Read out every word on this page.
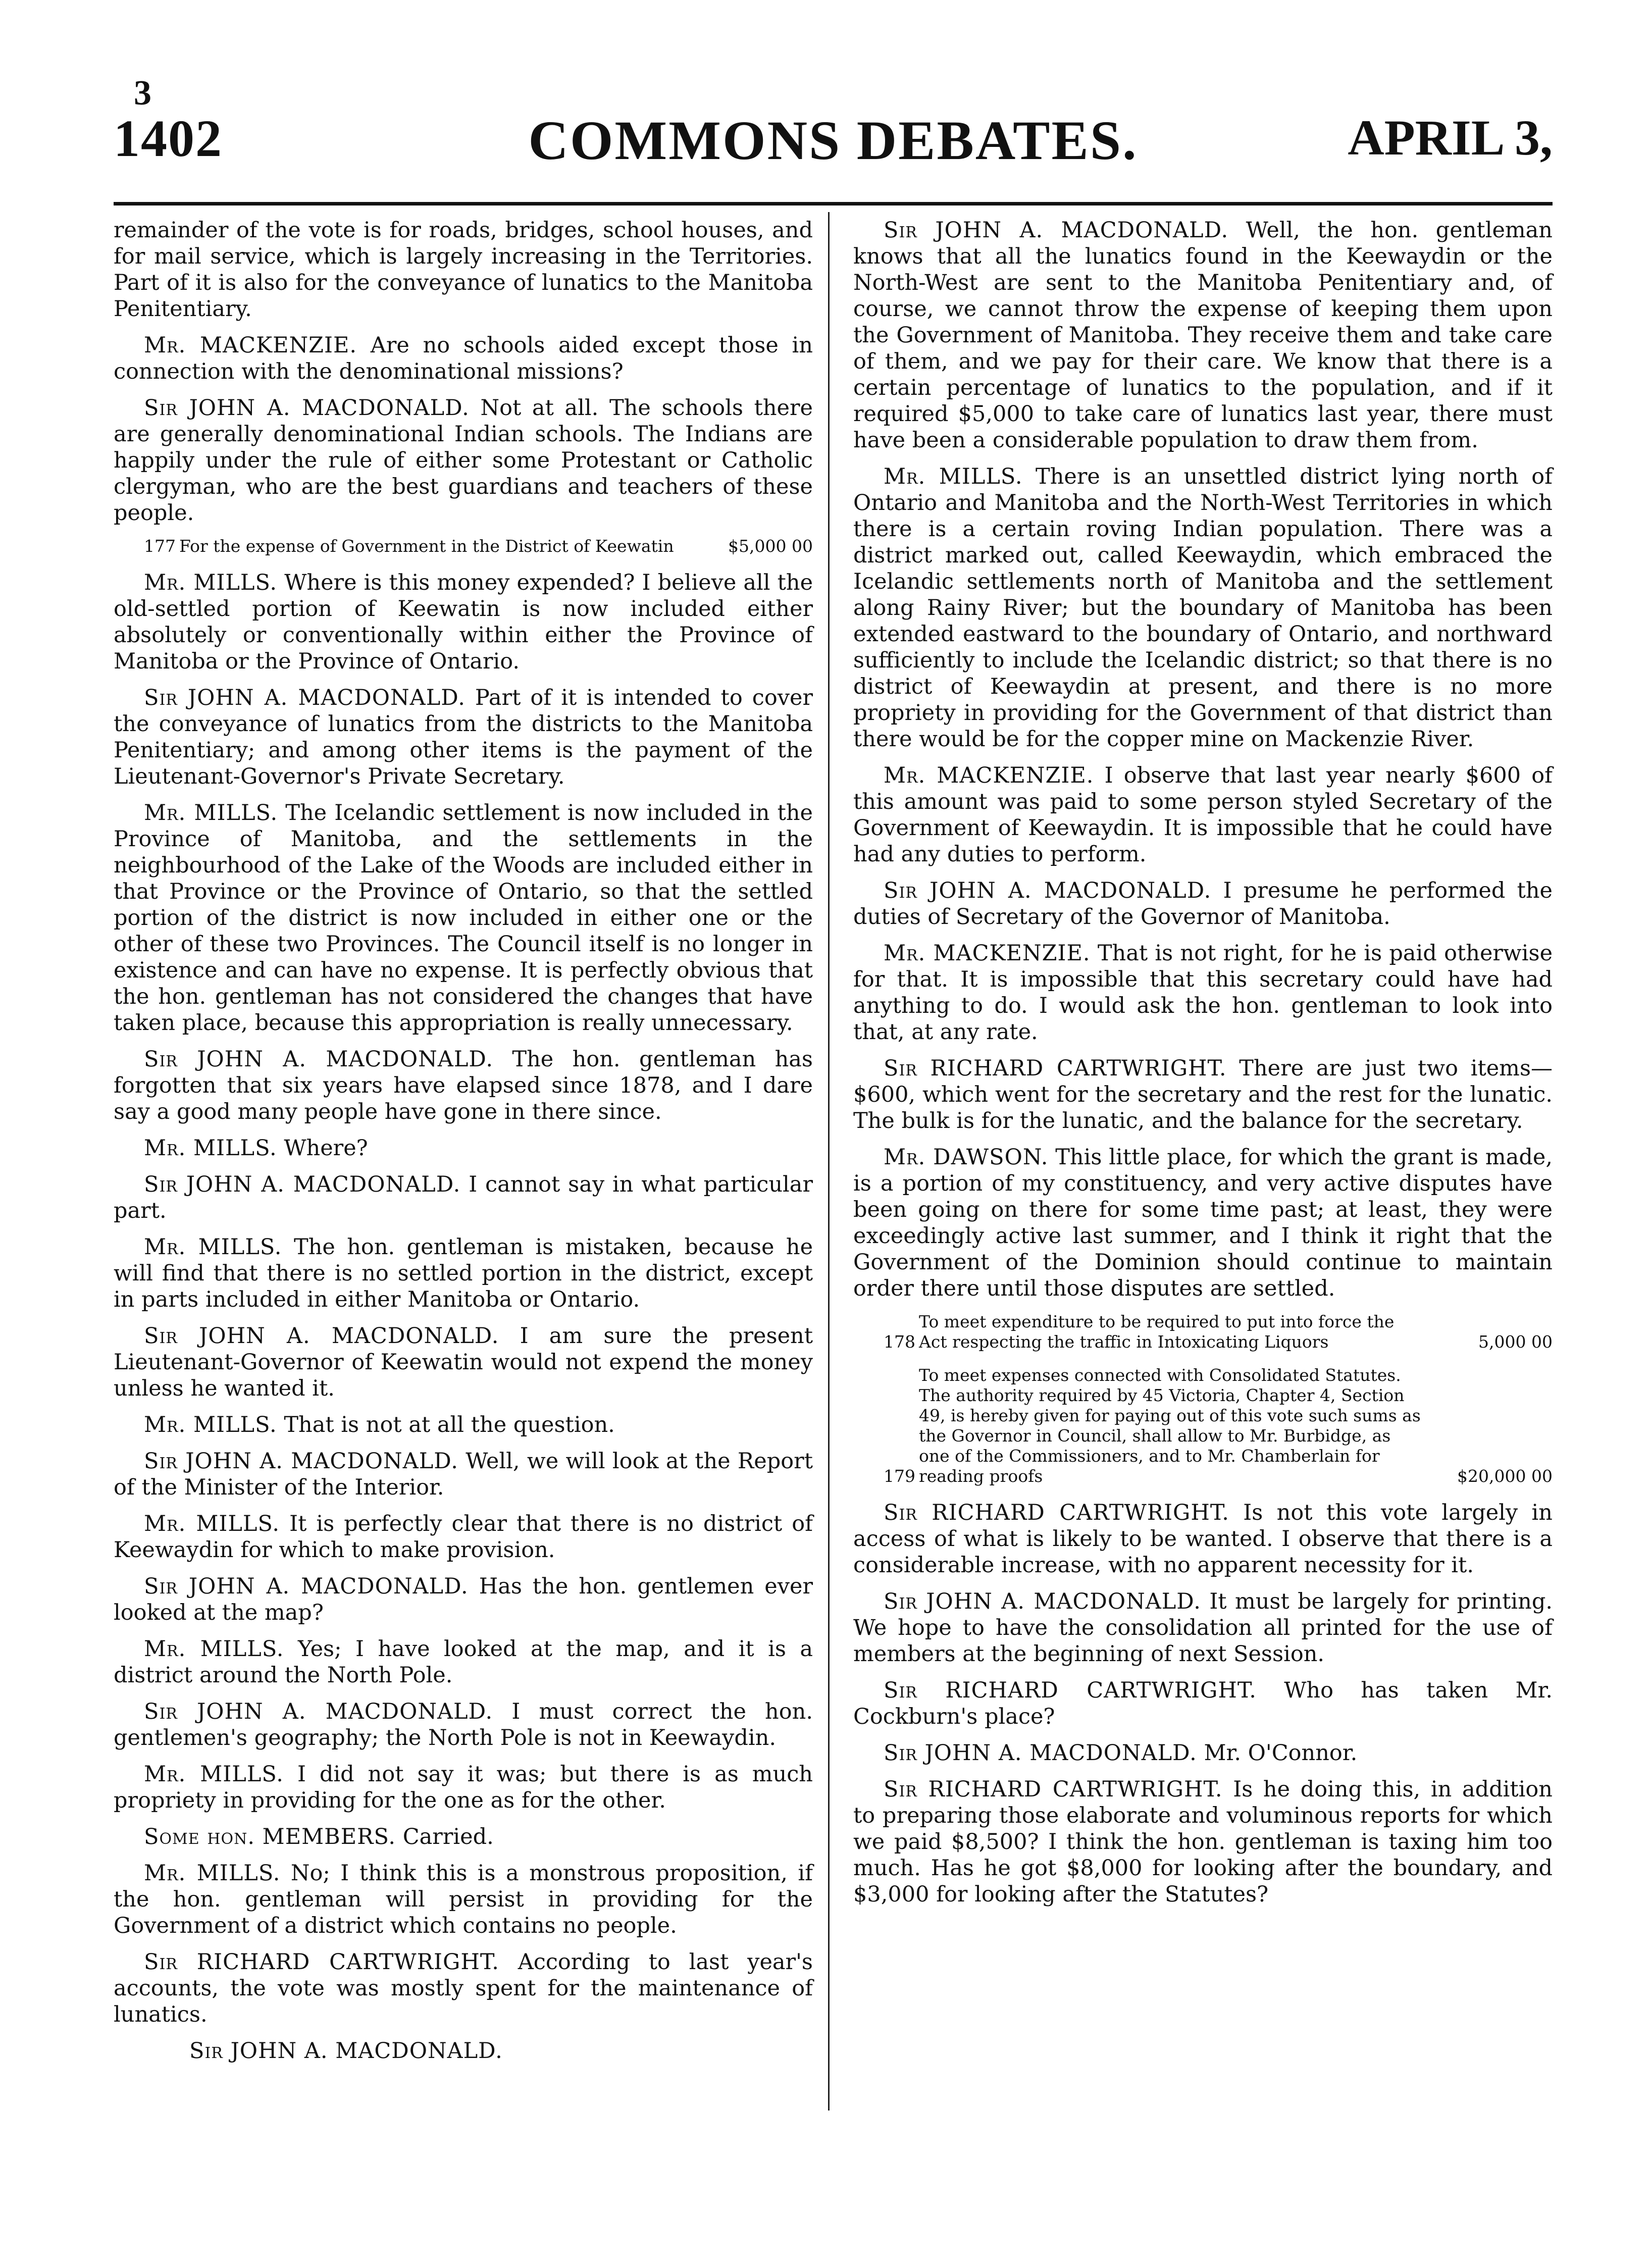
3
1402	COMMONS DEBATES.	APRIL 3,

remainder of the vote is for roads, bridges, school houses, and for mail service, which is largely increasing in the Territories. Part of it is also for the conveyance of lunatics to the Manitoba Penitentiary.

Mr. MACKENZIE. Are no schools aided except those in connection with the denominational missions?

Sir JOHN A. MACDONALD. Not at all. The schools there are generally denominational Indian schools. The Indians are happily under the rule of either some Protestant or Catholic clergyman, who are the best guardians and teachers of these people.

177 For the expense of Government in the District of Keewatin	$5,000 00

Mr. MILLS. Where is this money expended? I believe all the old-settled portion of Keewatin is now included either absolutely or conventionally within either the Province of Manitoba or the Province of Ontario.

Sir JOHN A. MACDONALD. Part of it is intended to cover the conveyance of lunatics from the districts to the Manitoba Penitentiary; and among other items is the payment of the Lieutenant-Governor's Private Secretary.

Mr. MILLS. The Icelandic settlement is now included in the Province of Manitoba, and the settlements in the neighbourhood of the Lake of the Woods are included either in that Province or the Province of Ontario, so that the settled portion of the district is now included in either one or the other of these two Provinces. The Council itself is no longer in existence and can have no expense. It is perfectly obvious that the hon. gentleman has not considered the changes that have taken place, because this appropriation is really unnecessary.

Sir JOHN A. MACDONALD. The hon. gentleman has forgotten that six years have elapsed since 1878, and I dare say a good many people have gone in there since.

Mr. MILLS. Where?

Sir JOHN A. MACDONALD. I cannot say in what particular part.

Mr. MILLS. The hon. gentleman is mistaken, because he will find that there is no settled portion in the district, except in parts included in either Manitoba or Ontario.

Sir JOHN A. MACDONALD. I am sure the present Lieutenant-Governor of Keewatin would not expend the money unless he wanted it.

Mr. MILLS. That is not at all the question.

Sir JOHN A. MACDONALD. Well, we will look at the Report of the Minister of the Interior.

Mr. MILLS. It is perfectly clear that there is no district of Keewaydin for which to make provision.

Sir JOHN A. MACDONALD. Has the hon. gentlemen ever looked at the map?

Mr. MILLS. Yes; I have looked at the map, and it is a district around the North Pole.

Sir JOHN A. MACDONALD. I must correct the hon. gentlemen's geography; the North Pole is not in Keewaydin.

Mr. MILLS. I did not say it was; but there is as much propriety in providing for the one as for the other.

Some hon. MEMBERS. Carried.

Mr. MILLS. No; I think this is a monstrous proposition, if the hon. gentleman will persist in providing for the Government of a district which contains no people.

Sir RICHARD CARTWRIGHT. According to last year's accounts, the vote was mostly spent for the maintenance of lunatics.

Sir JOHN A. MACDONALD.

Sir JOHN A. MACDONALD. Well, the hon. gentleman knows that all the lunatics found in the Keewaydin or the North-West are sent to the Manitoba Penitentiary and, of course, we cannot throw the expense of keeping them upon the Government of Manitoba. They receive them and take care of them, and we pay for their care. We know that there is a certain percentage of lunatics to the population, and if it required $5,000 to take care of lunatics last year, there must have been a considerable population to draw them from.

Mr. MILLS. There is an unsettled district lying north of Ontario and Manitoba and the North-West Territories in which there is a certain roving Indian population. There was a district marked out, called Keewaydin, which embraced the Icelandic settlements north of Manitoba and the settlement along Rainy River; but the boundary of Manitoba has been extended eastward to the boundary of Ontario, and northward sufficiently to include the Icelandic district; so that there is no district of Keewaydin at present, and there is no more propriety in providing for the Government of that district than there would be for the copper mine on Mackenzie River.

Mr. MACKENZIE. I observe that last year nearly $600 of this amount was paid to some person styled Secretary of the Government of Keewaydin. It is impossible that he could have had any duties to perform.

Sir JOHN A. MACDONALD. I presume he performed the duties of Secretary of the Governor of Manitoba.

Mr. MACKENZIE. That is not right, for he is paid otherwise for that. It is impossible that this secretary could have had anything to do. I would ask the hon. gentleman to look into that, at any rate.

Sir RICHARD CARTWRIGHT. There are just two items—$600, which went for the secretary and the rest for the lunatic. The bulk is for the lunatic, and the balance for the secretary.

Mr. DAWSON. This little place, for which the grant is made, is a portion of my constituency, and very active disputes have been going on there for some time past; at least, they were exceedingly active last summer, and I think it right that the Government of the Dominion should continue to maintain order there until those disputes are settled.

178
To meet expenditure to be required to put into force the Act respecting the traffic in Intoxicating Liquors	5,000 00
179
To meet expenses connected with Consolidated Statutes. The authority required by 45 Victoria, Chapter 4, Section 49, is hereby given for paying out of this vote such sums as the Governor in Council, shall allow to Mr. Burbidge, as one of the Commissioners, and to Mr. Chamberlain for reading proofs	$20,000 00

Sir RICHARD CARTWRIGHT. Is not this vote largely in access of what is likely to be wanted. I observe that there is a considerable increase, with no apparent necessity for it.

Sir JOHN A. MACDONALD. It must be largely for printing. We hope to have the consolidation all printed for the use of members at the beginning of next Session.

Sir RICHARD CARTWRIGHT. Who has taken Mr. Cockburn's place?

Sir JOHN A. MACDONALD. Mr. O'Connor.

Sir RICHARD CARTWRIGHT. Is he doing this, in addition to preparing those elaborate and voluminous reports for which we paid $8,500? I think the hon. gentleman is taxing him too much. Has he got $8,000 for looking after the boundary, and $3,000 for looking after the Statutes?
